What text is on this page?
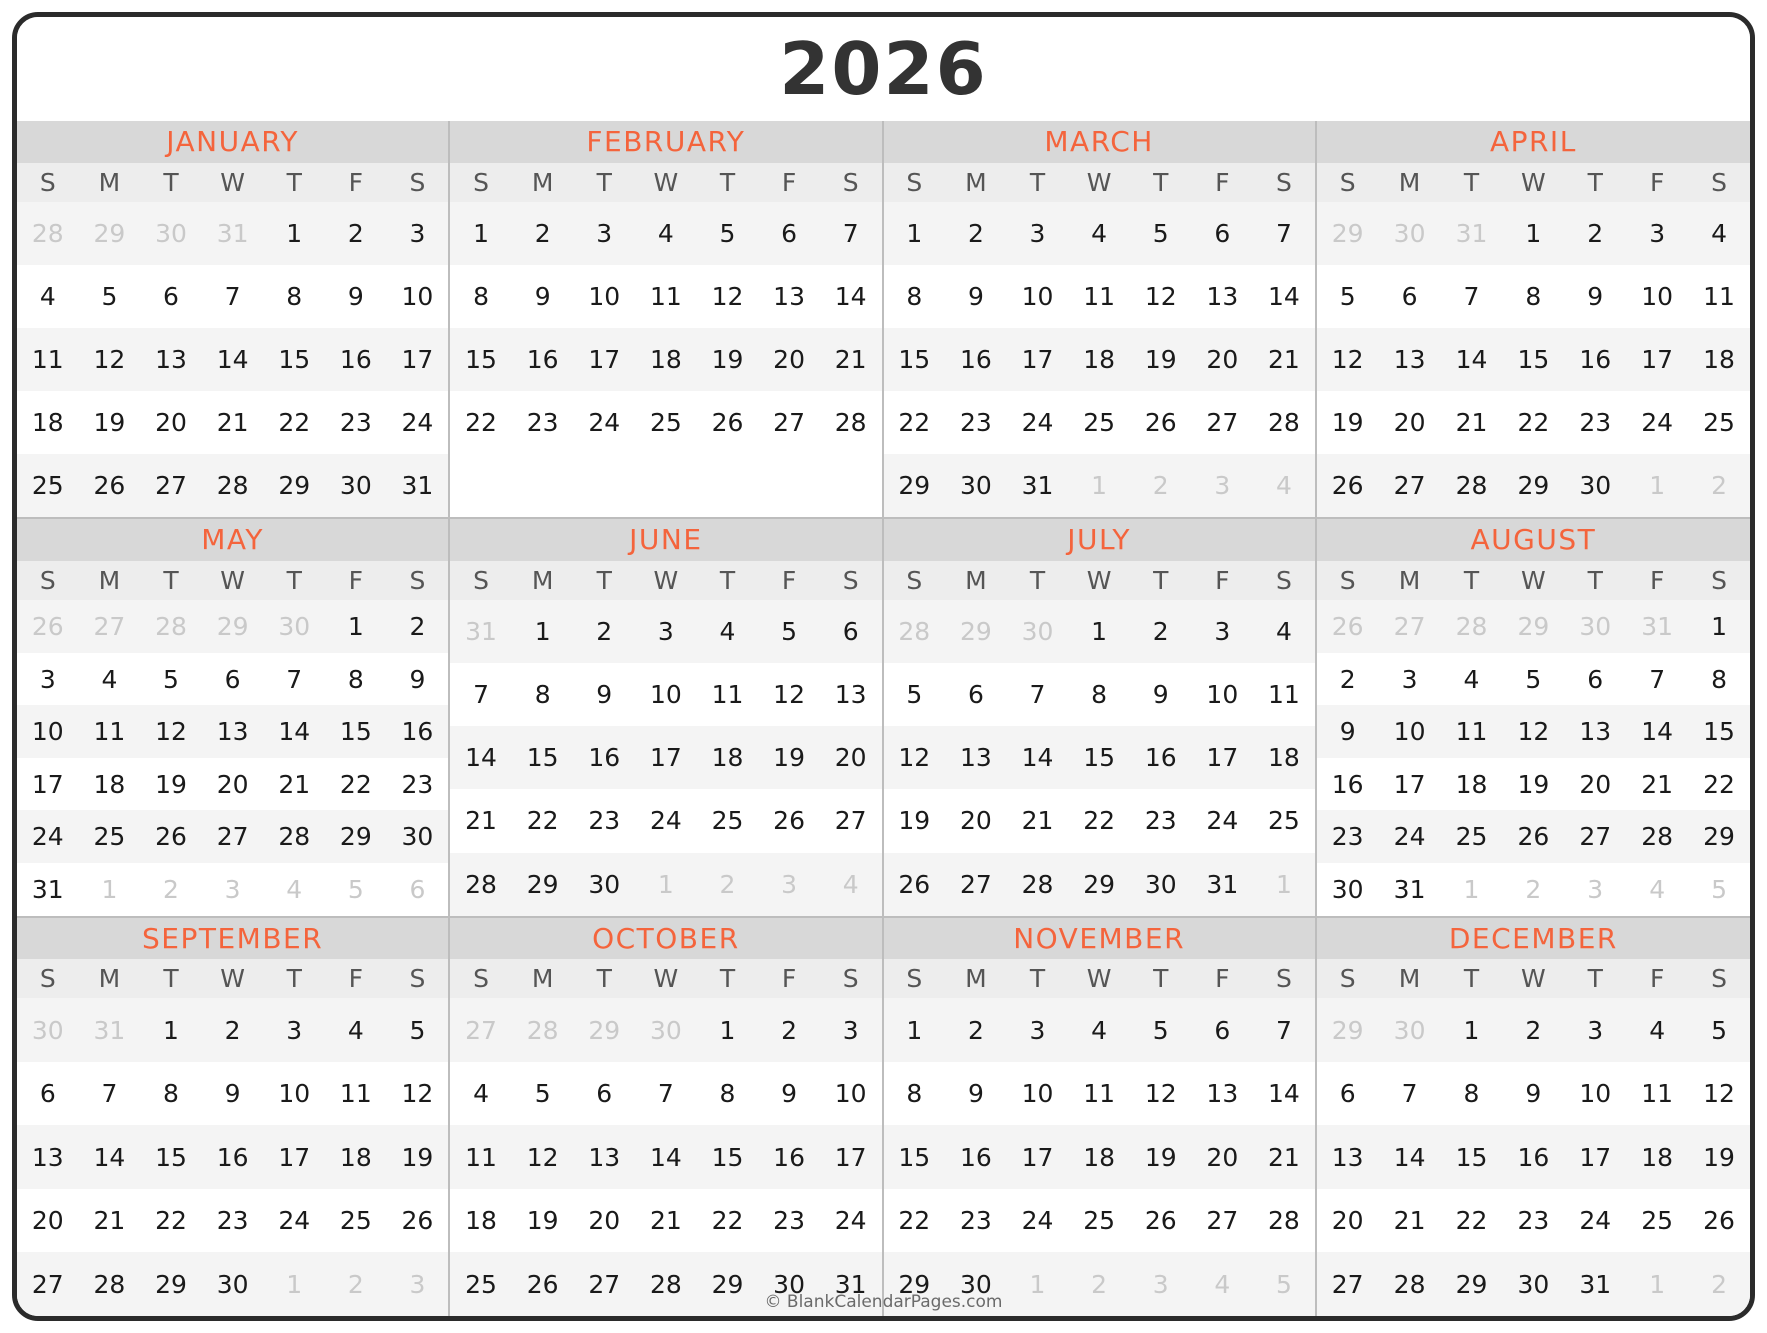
2026
JANUARY
S	M	T	W	T	F	S
28	29	30	31	1	2	3
4	5	6	7	8	9	10
11	12	13	14	15	16	17
18	19	20	21	22	23	24
25	26	27	28	29	30	31
FEBRUARY
S	M	T	W	T	F	S
1	2	3	4	5	6	7
8	9	10	11	12	13	14
15	16	17	18	19	20	21
22	23	24	25	26	27	28
MARCH
S	M	T	W	T	F	S
1	2	3	4	5	6	7
8	9	10	11	12	13	14
15	16	17	18	19	20	21
22	23	24	25	26	27	28
29	30	31	1	2	3	4
APRIL
S	M	T	W	T	F	S
29	30	31	1	2	3	4
5	6	7	8	9	10	11
12	13	14	15	16	17	18
19	20	21	22	23	24	25
26	27	28	29	30	1	2
MAY
S	M	T	W	T	F	S
26	27	28	29	30	1	2
3	4	5	6	7	8	9
10	11	12	13	14	15	16
17	18	19	20	21	22	23
24	25	26	27	28	29	30
31	1	2	3	4	5	6
JUNE
S	M	T	W	T	F	S
31	1	2	3	4	5	6
7	8	9	10	11	12	13
14	15	16	17	18	19	20
21	22	23	24	25	26	27
28	29	30	1	2	3	4
JULY
S	M	T	W	T	F	S
28	29	30	1	2	3	4
5	6	7	8	9	10	11
12	13	14	15	16	17	18
19	20	21	22	23	24	25
26	27	28	29	30	31	1
AUGUST
S	M	T	W	T	F	S
26	27	28	29	30	31	1
2	3	4	5	6	7	8
9	10	11	12	13	14	15
16	17	18	19	20	21	22
23	24	25	26	27	28	29
30	31	1	2	3	4	5
SEPTEMBER
S	M	T	W	T	F	S
30	31	1	2	3	4	5
6	7	8	9	10	11	12
13	14	15	16	17	18	19
20	21	22	23	24	25	26
27	28	29	30	1	2	3
OCTOBER
S	M	T	W	T	F	S
27	28	29	30	1	2	3
4	5	6	7	8	9	10
11	12	13	14	15	16	17
18	19	20	21	22	23	24
25	26	27	28	29	30	31
NOVEMBER
S	M	T	W	T	F	S
1	2	3	4	5	6	7
8	9	10	11	12	13	14
15	16	17	18	19	20	21
22	23	24	25	26	27	28
29	30	1	2	3	4	5
DECEMBER
S	M	T	W	T	F	S
29	30	1	2	3	4	5
6	7	8	9	10	11	12
13	14	15	16	17	18	19
20	21	22	23	24	25	26
27	28	29	30	31	1	2
© BlankCalendarPages.com
